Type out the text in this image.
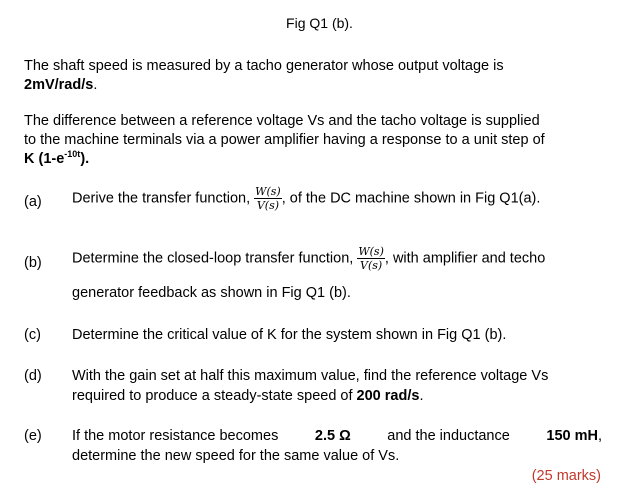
Fig Q1 (b).
The shaft speed is measured by a tacho generator whose output voltage is
2mV/rad/s.
The difference between a reference voltage Vs and the tacho voltage is supplied
to the machine terminals via a power amplifier having a response to a unit step of
K $(1-e^{-10t})$.
(a) Derive the transfer function, $\frac{W(s)}{V(s)}$ , of the DC machine shown in Fig Q1(a).
(b) Determine the closed-loop transfer function, $\frac{W(s)}{V(s)}$ , with amplifier and techo
generator feedback as shown in Fig Q1 (b).
(c) Determine the critical value of K for the system shown in Fig Q1 (b).
(d) With the gain set at half this maximum value, find the reference voltage Vs
required to produce a steady-state speed of 200 rad/s.
(e) If the motor resistance becomes	2.5 Ω	and the inductance	150 mH,
determine the new speed for the same value of Vs.
(25 marks)
